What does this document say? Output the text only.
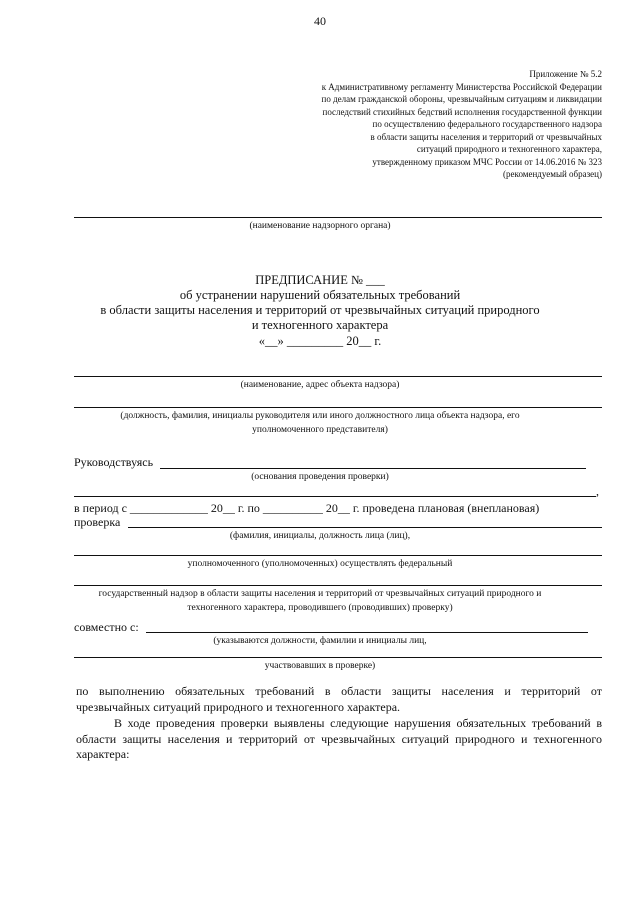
40
Приложение № 5.2
к Административному регламенту Министерства Российской Федерации
по делам гражданской обороны, чрезвычайным ситуациям и ликвидации
последствий стихийных бедствий исполнения государственной функции
по осуществлению федерального государственного надзора
в области защиты населения и территорий от чрезвычайных
ситуаций природного и техногенного характера,
утвержденному приказом МЧС России от 14.06.2016 № 323
(рекомендуемый образец)
(наименование надзорного органа)
ПРЕДПИСАНИЕ № ___
об устранении нарушений обязательных требований
в области защиты населения и территорий от чрезвычайных ситуаций природного
и техногенного характера
«__» _________ 20__ г.
(наименование, адрес объекта надзора)
(должность, фамилия, инициалы руководителя или иного должностного лица объекта надзора, его
уполномоченного представителя)
Руководствуясь
(основания проведения проверки)
,
в период с _____________ 20__ г. по __________ 20__ г. проведена плановая (внеплановая)
проверка
(фамилия, инициалы, должность лица (лиц),
уполномоченного (уполномоченных) осуществлять федеральный
государственный надзор в области защиты населения и территорий от чрезвычайных ситуаций природного и
техногенного характера, проводившего (проводивших) проверку)
совместно с:
(указываются должности, фамилии и инициалы лиц,
участвовавших в проверке)

по выполнению обязательных требований в области защиты населения и территорий от чрезвычайных ситуаций природного и техногенного характера.

В ходе проведения проверки выявлены следующие нарушения обязательных требований в области защиты населения и территорий от чрезвычайных ситуаций природного и техногенного характера:
